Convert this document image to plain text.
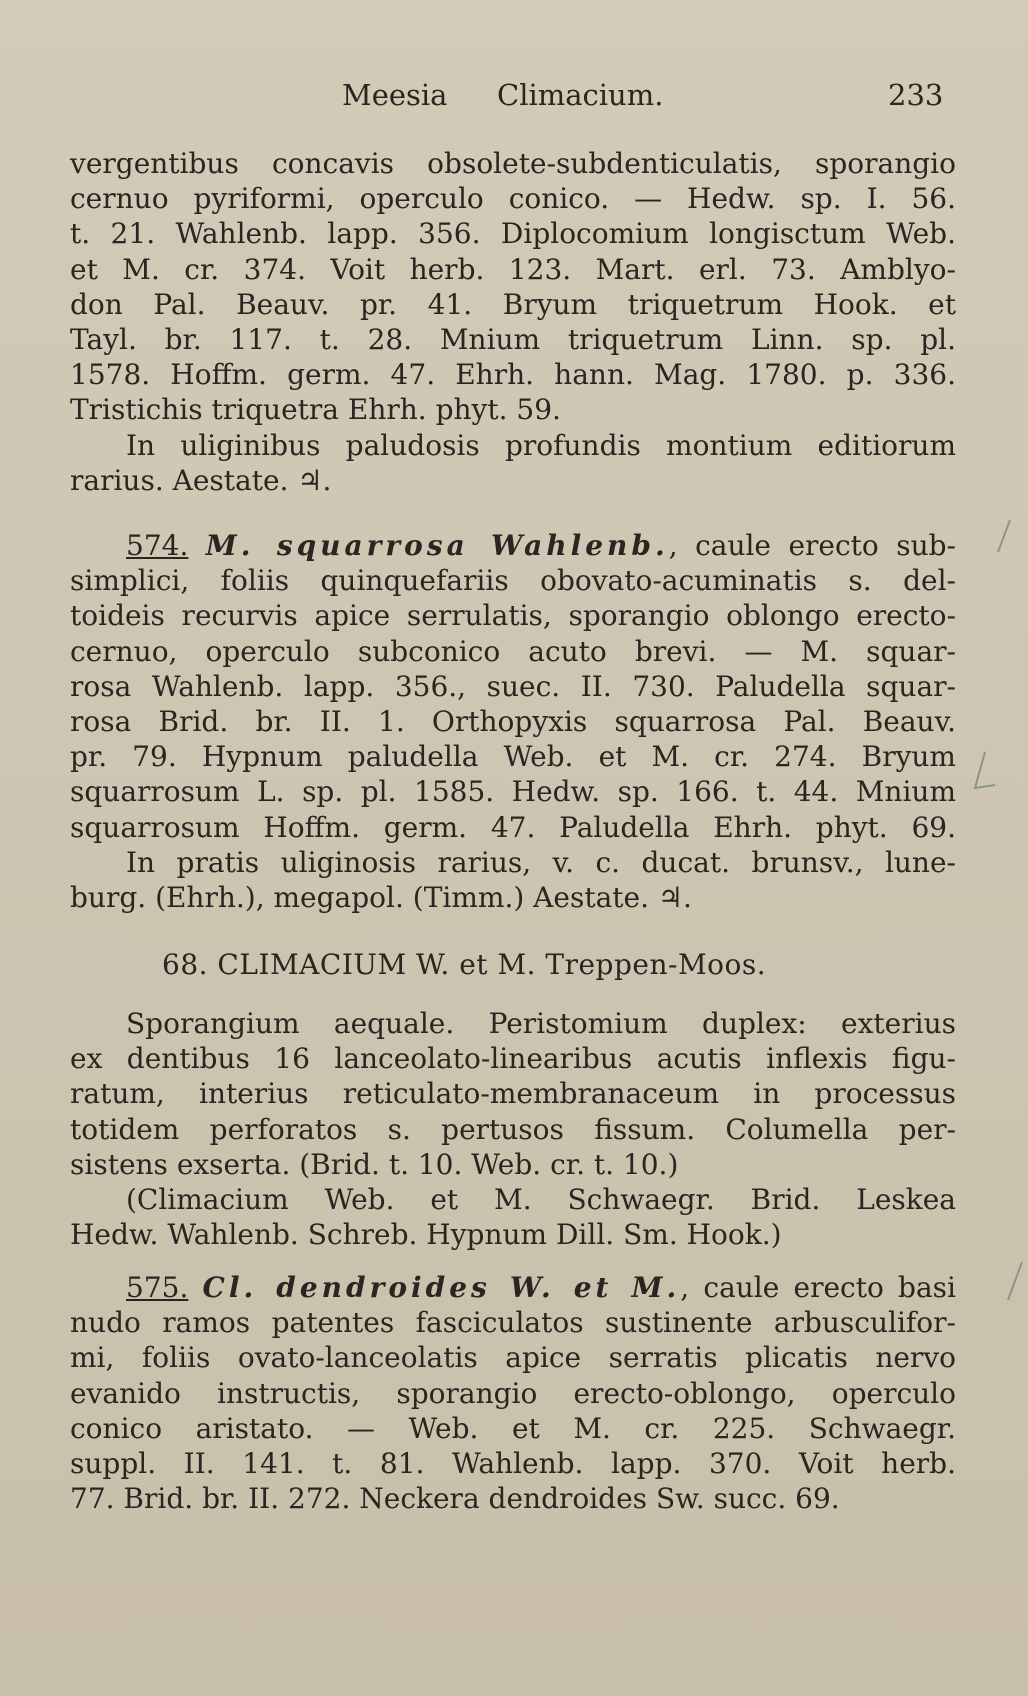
Meesia Climacium.	233

vergentibus concavis obsolete-subdenticulatis, sporangio

cernuo pyriformi, operculo conico. — Hedw. sp. I. 56.

t. 21. Wahlenb. lapp. 356. Diplocomium longisctum Web.

et M. cr. 374. Voit herb. 123. Mart. erl. 73. Amblyo-

don Pal. Beauv. pr. 41. Bryum triquetrum Hook. et

Tayl. br. 117. t. 28. Mnium triquetrum Linn. sp. pl.

1578. Hoffm. germ. 47. Ehrh. hann. Mag. 1780. p. 336.

Tristichis triquetra Ehrh. phyt. 59.

In uliginibus paludosis profundis montium editiorum

rarius. Aestate. ♃.

574. M. squarrosa Wahlenb., caule erecto sub-

simplici, foliis quinquefariis obovato-acuminatis s. del-

toideis recurvis apice serrulatis, sporangio oblongo erecto-

cernuo, operculo subconico acuto brevi. — M. squar-

rosa Wahlenb. lapp. 356., suec. II. 730. Paludella squar-

rosa Brid. br. II. 1. Orthopyxis squarrosa Pal. Beauv.

pr. 79. Hypnum paludella Web. et M. cr. 274. Bryum

squarrosum L. sp. pl. 1585. Hedw. sp. 166. t. 44. Mnium

squarrosum Hoffm. germ. 47. Paludella Ehrh. phyt. 69.

In pratis uliginosis rarius, v. c. ducat. brunsv., lune-

burg. (Ehrh.), megapol. (Timm.) Aestate. ♃.

68. CLIMACIUM W. et M. Treppen-Moos.

Sporangium aequale. Peristomium duplex: exterius

ex dentibus 16 lanceolato-linearibus acutis inflexis figu-

ratum, interius reticulato-membranaceum in processus

totidem perforatos s. pertusos fissum. Columella per-

sistens exserta. (Brid. t. 10. Web. cr. t. 10.)

(Climacium Web. et M. Schwaegr. Brid. Leskea

Hedw. Wahlenb. Schreb. Hypnum Dill. Sm. Hook.)

575. Cl. dendroides W. et M., caule erecto basi

nudo ramos patentes fasciculatos sustinente arbusculifor-

mi, foliis ovato-lanceolatis apice serratis plicatis nervo

evanido instructis, sporangio erecto-oblongo, operculo

conico aristato. — Web. et M. cr. 225. Schwaegr.

suppl. II. 141. t. 81. Wahlenb. lapp. 370. Voit herb.

77. Brid. br. II. 272. Neckera dendroides Sw. succ. 69.
